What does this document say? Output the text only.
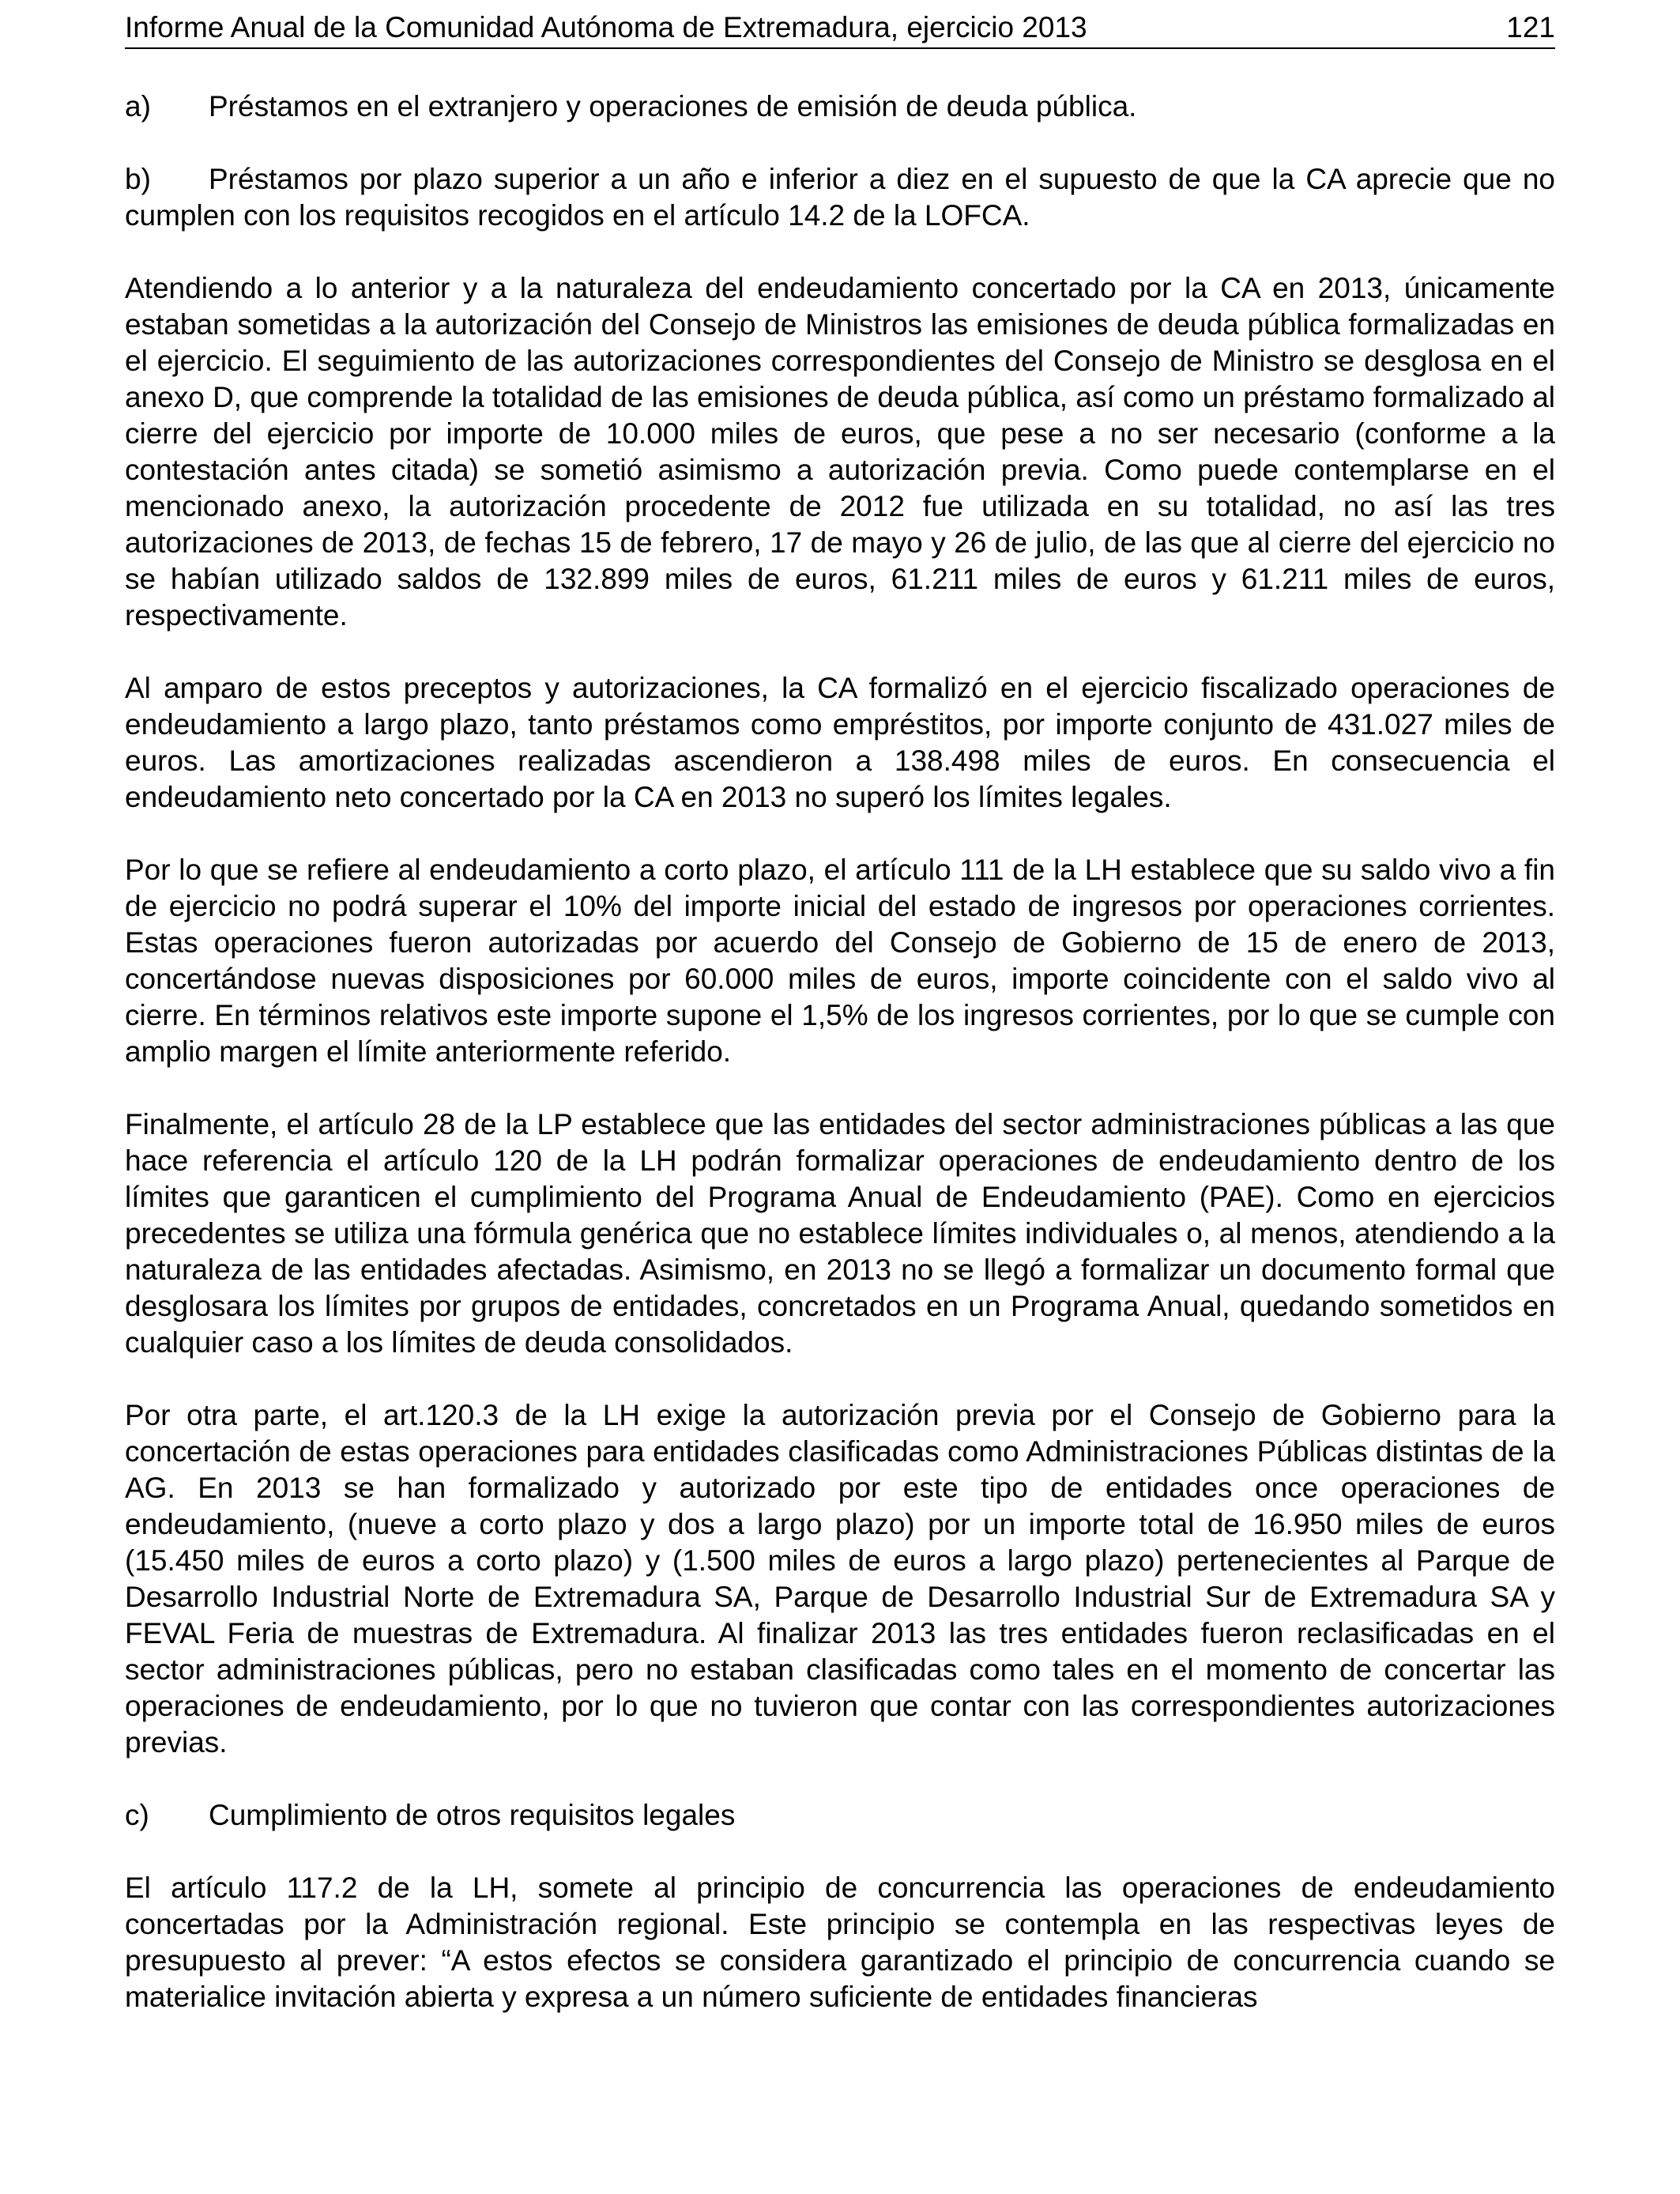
Informe Anual de la Comunidad Autónoma de Extremadura, ejercicio 2013	121

a) Préstamos en el extranjero y operaciones de emisión de deuda pública.

b) Préstamos por plazo superior a un año e inferior a diez en el supuesto de que la CA aprecie que no cumplen con los requisitos recogidos en el artículo 14.2 de la LOFCA.

Atendiendo a lo anterior y a la naturaleza del endeudamiento concertado por la CA en 2013, únicamente estaban sometidas a la autorización del Consejo de Ministros las emisiones de deuda pública formalizadas en el ejercicio. El seguimiento de las autorizaciones correspondientes del Consejo de Ministro se desglosa en el anexo D, que comprende la totalidad de las emisiones de deuda pública, así como un préstamo formalizado al cierre del ejercicio por importe de 10.000 miles de euros, que pese a no ser necesario (conforme a la contestación antes citada) se sometió asimismo a autorización previa. Como puede contemplarse en el mencionado anexo, la autorización procedente de 2012 fue utilizada en su totalidad, no así las tres autorizaciones de 2013, de fechas 15 de febrero, 17 de mayo y 26 de julio, de las que al cierre del ejercicio no se habían utilizado saldos de 132.899 miles de euros, 61.211 miles de euros y 61.211 miles de euros, respectivamente.

Al amparo de estos preceptos y autorizaciones, la CA formalizó en el ejercicio fiscalizado operaciones de endeudamiento a largo plazo, tanto préstamos como empréstitos, por importe conjunto de 431.027 miles de euros. Las amortizaciones realizadas ascendieron a 138.498 miles de euros. En consecuencia el endeudamiento neto concertado por la CA en 2013 no superó los límites legales.

Por lo que se refiere al endeudamiento a corto plazo, el artículo 111 de la LH establece que su saldo vivo a fin de ejercicio no podrá superar el 10% del importe inicial del estado de ingresos por operaciones corrientes. Estas operaciones fueron autorizadas por acuerdo del Consejo de Gobierno de 15 de enero de 2013, concertándose nuevas disposiciones por 60.000 miles de euros, importe coincidente con el saldo vivo al cierre. En términos relativos este importe supone el 1,5% de los ingresos corrientes, por lo que se cumple con amplio margen el límite anteriormente referido.

Finalmente, el artículo 28 de la LP establece que las entidades del sector administraciones públicas a las que hace referencia el artículo 120 de la LH podrán formalizar operaciones de endeudamiento dentro de los límites que garanticen el cumplimiento del Programa Anual de Endeudamiento (PAE). Como en ejercicios precedentes se utiliza una fórmula genérica que no establece límites individuales o, al menos, atendiendo a la naturaleza de las entidades afectadas. Asimismo, en 2013 no se llegó a formalizar un documento formal que desglosara los límites por grupos de entidades, concretados en un Programa Anual, quedando sometidos en cualquier caso a los límites de deuda consolidados.

Por otra parte, el art.120.3 de la LH exige la autorización previa por el Consejo de Gobierno para la concertación de estas operaciones para entidades clasificadas como Administraciones Públicas distintas de la AG. En 2013 se han formalizado y autorizado por este tipo de entidades once operaciones de endeudamiento, (nueve a corto plazo y dos a largo plazo) por un importe total de 16.950 miles de euros (15.450 miles de euros a corto plazo) y (1.500 miles de euros a largo plazo) pertenecientes al Parque de Desarrollo Industrial Norte de Extremadura SA, Parque de Desarrollo Industrial Sur de Extremadura SA y FEVAL Feria de muestras de Extremadura. Al finalizar 2013 las tres entidades fueron reclasificadas en el sector administraciones públicas, pero no estaban clasificadas como tales en el momento de concertar las operaciones de endeudamiento, por lo que no tuvieron que contar con las correspondientes autorizaciones previas.

c) Cumplimiento de otros requisitos legales

El artículo 117.2 de la LH, somete al principio de concurrencia las operaciones de endeudamiento concertadas por la Administración regional. Este principio se contempla en las respectivas leyes de presupuesto al prever: “A estos efectos se considera garantizado el principio de concurrencia cuando se materialice invitación abierta y expresa a un número suficiente de entidades financieras
